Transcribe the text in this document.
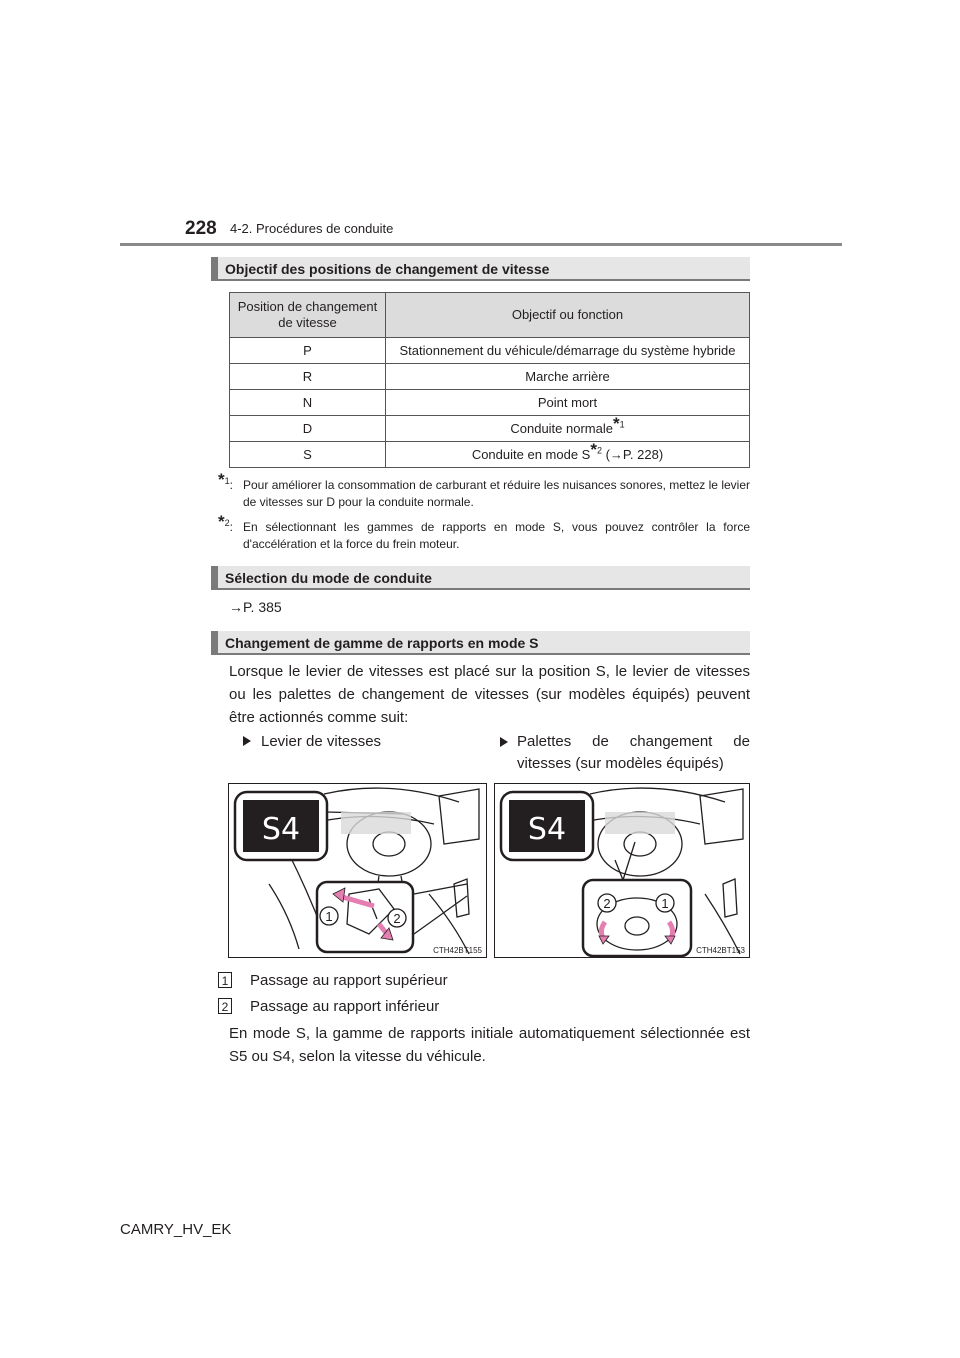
228 4-2. Procédures de conduite
Objectif des positions de changement de vitesse
Position de changement de vitesse	Objectif ou fonction
P	Stationnement du véhicule/démarrage du système hybride
R	Marche arrière
N	Point mort
D	Conduite normale*$^1$
S	Conduite en mode S*$^2$ (→P. 228)
*$^1$: Pour améliorer la consommation de carburant et réduire les nuisances sonores, mettez le levier de vitesses sur D pour la conduite normale.
*$^2$: En sélectionnant les gammes de rapports en mode S, vous pouvez contrôler la force d'accélération et la force du frein moteur.
Sélection du mode de conduite
→P. 385
Changement de gamme de rapports en mode S
Lorsque le levier de vitesses est placé sur la position S, le levier de vitesses ou les palettes de changement de vitesses (sur modèles équipés) peuvent être actionnés comme suit:
Levier de vitesses	Palettes de changement de vitesses (sur modèles équipés)
S4
1	2
CTH42BT155
S4
2	1
CTH42BT153
1 Passage au rapport supérieur
2 Passage au rapport inférieur
En mode S, la gamme de rapports initiale automatiquement sélectionnée est S5 ou S4, selon la vitesse du véhicule.
CAMRY_HV_EK
